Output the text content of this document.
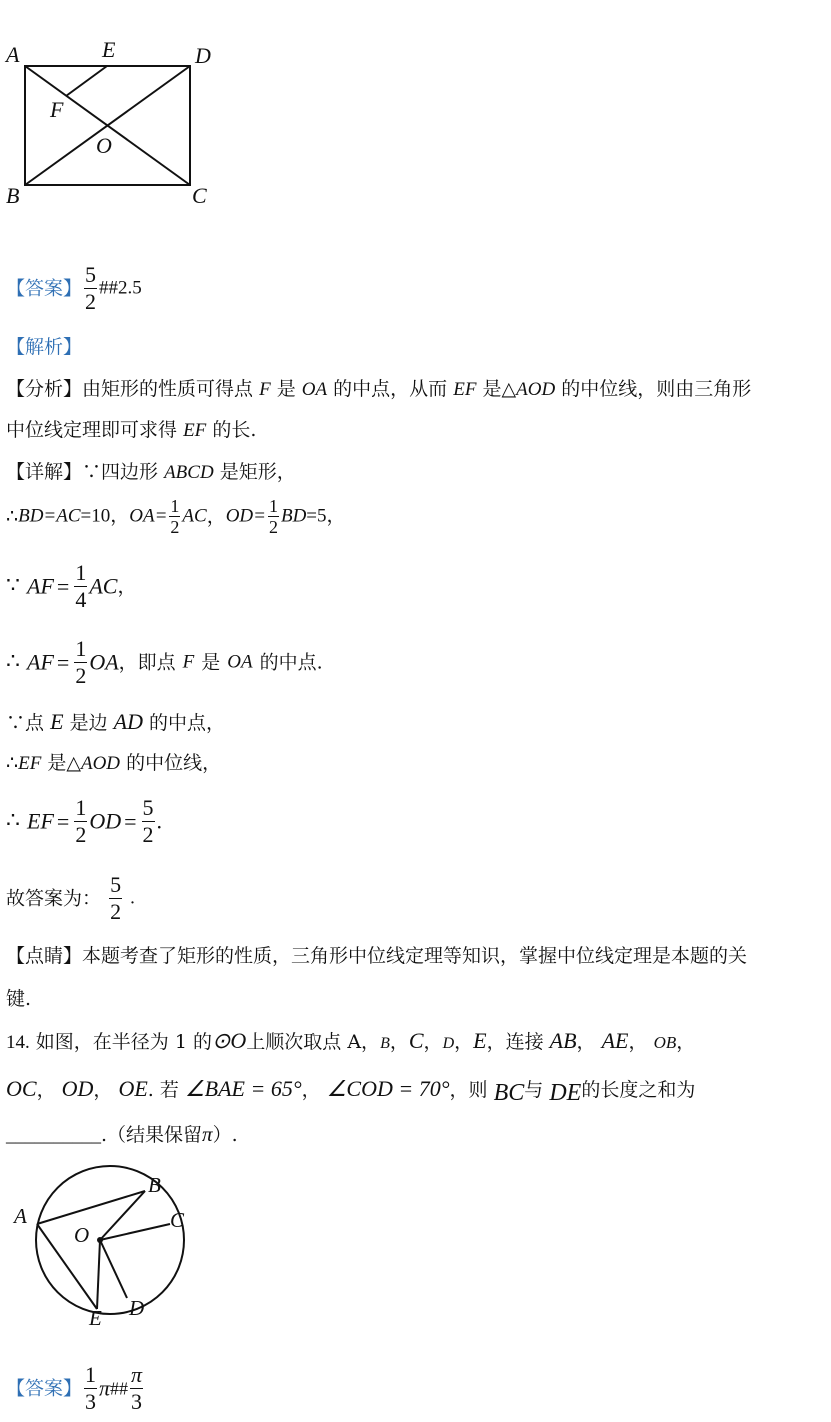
A	E	D
F
O
B	C
【答案】 $\frac{5}{2}$ ##2.5
【解析】
【分析】由矩形的性质可得点 F 是 OA 的中点，从而 EF 是△AOD 的中位线，则由三角形
中位线定理即可求得 EF 的长.
【详解】∵四边形 ABCD 是矩形，
∴BD=AC=10，$OA= \frac{1}{2}$ AC，$OD= \frac{1}{2} BD=5$，
∵ AF = $\frac{1}{4}$ AC，
∴ AF = $\frac{1}{2}$ OA，即点 F 是 OA 的中点.
∵点 E 是边 AD 的中点，
∴EF 是△AOD 的中位线，
∴ EF = $\frac{1}{2}$ OD = $\frac{5}{2}$ .
故答案为： $\frac{5}{2}$ .
【点睛】本题考查了矩形的性质，三角形中位线定理等知识，掌握中位线定理是本题的关
键.
14. 如图，在半径为 1 的⊙O上顺次取点 A，B，C，D，E，连接 AB， AE， OB，
OC， OD， OE. 若 ∠BAE = 65°， ∠COD = 70°，则 BC与 DE的长度之和为
__________.（结果保留π）.
A
B
C
O
D
E
【答案】 $\frac{1}{3}$ π## $\frac{\pi}{3}$
